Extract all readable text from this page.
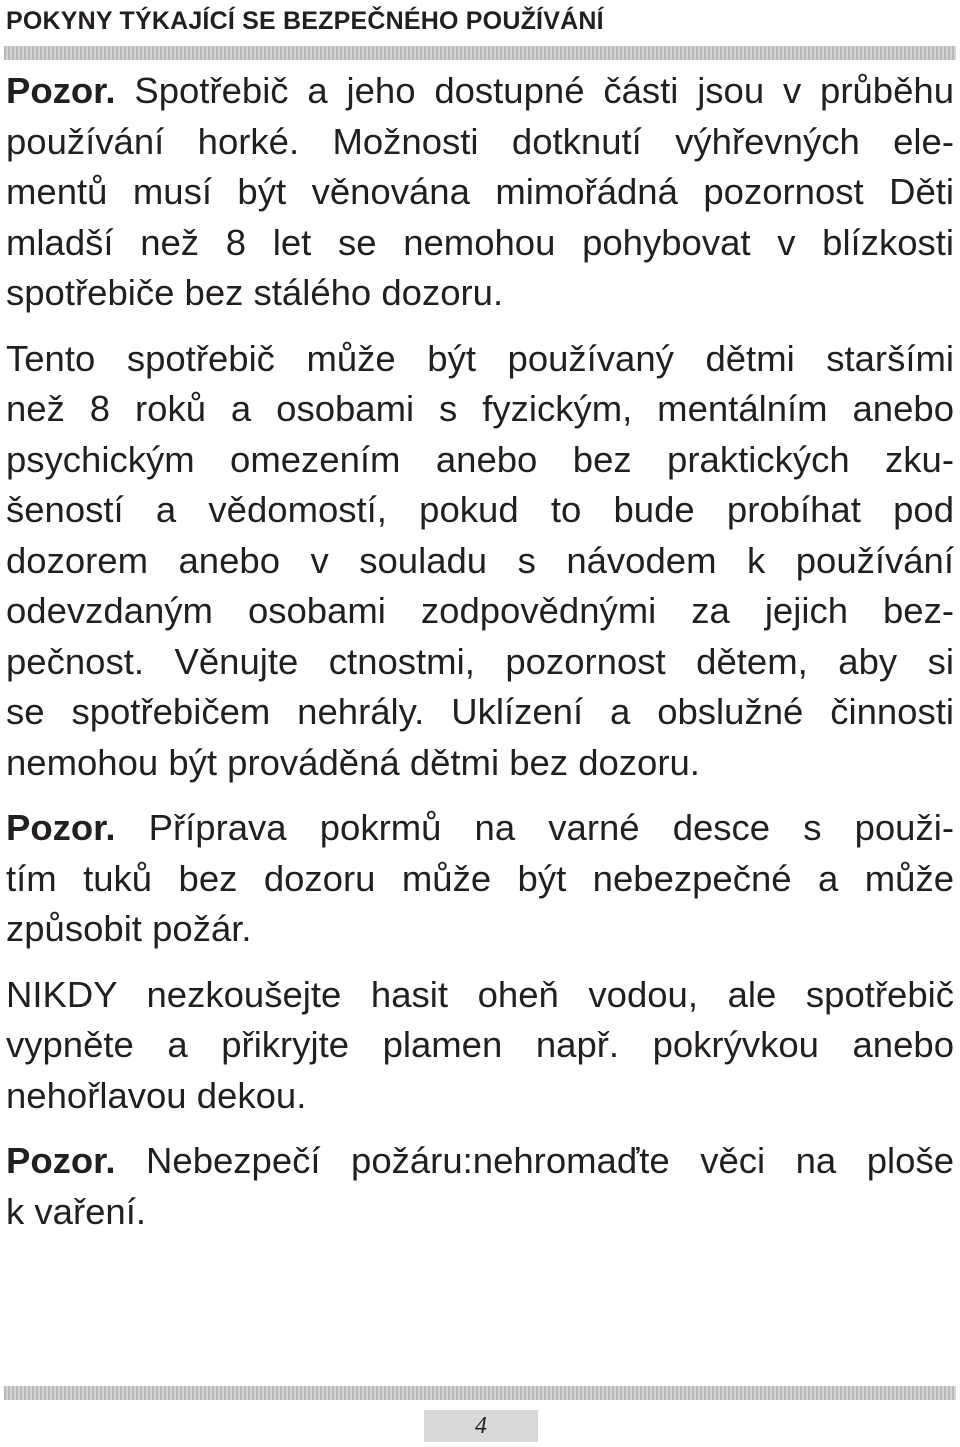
POKYNY TÝKAJÍCÍ SE BEZPEČNÉHO POUŽÍVÁNÍ

Pozor. Spotřebič a jeho dostupné části jsou v průběhu
používání horké. Možnosti dotknutí výhřevných ele-
mentů musí být věnována mimořádná pozornost Děti
mladší než 8 let se nemohou pohybovat v blízkosti
spotřebiče bez stálého dozoru.

Tento spotřebič může být používaný dětmi staršími
než 8 roků a osobami s fyzickým, mentálním anebo
psychickým omezením anebo bez praktických zku-
šeností a vědomostí, pokud to bude probíhat pod
dozorem anebo v souladu s návodem k používání
odevzdaným osobami zodpovědnými za jejich bez-
pečnost. Věnujte ctnostmi, pozornost dětem, aby si
se spotřebičem nehrály. Uklízení a obslužné činnosti
nemohou být prováděná dětmi bez dozoru.

Pozor. Příprava pokrmů na varné desce s použi-
tím tuků bez dozoru může být nebezpečné a může
způsobit požár.

NIKDY nezkoušejte hasit oheň vodou, ale spotřebič
vypněte a přikryjte plamen např. pokrývkou anebo
nehořlavou dekou.

Pozor. Nebezpečí požáru:nehromaďte věci na ploše
k vaření.

4
